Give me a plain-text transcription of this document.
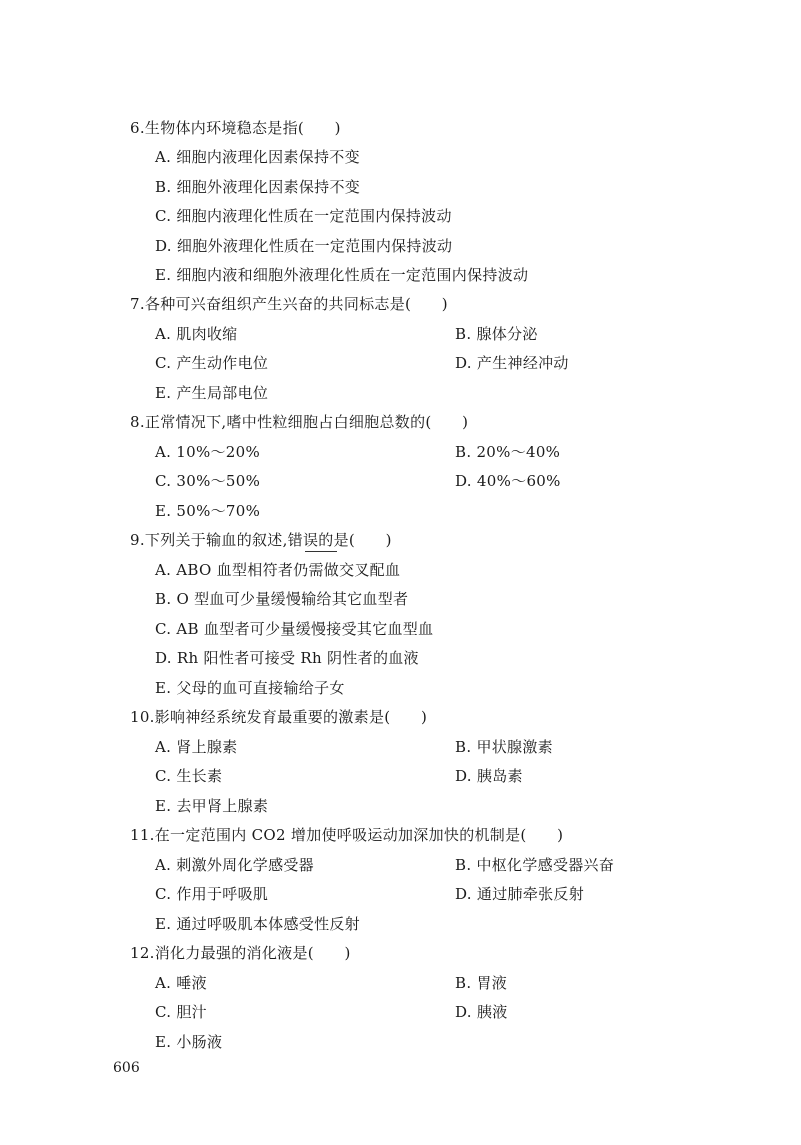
6.生物体内环境稳态是指(　　)
A. 细胞内液理化因素保持不变
B. 细胞外液理化因素保持不变
C. 细胞内液理化性质在一定范围内保持波动
D. 细胞外液理化性质在一定范围内保持波动
E. 细胞内液和细胞外液理化性质在一定范围内保持波动
7.各种可兴奋组织产生兴奋的共同标志是(　　)
A. 肌肉收缩	B. 腺体分泌
C. 产生动作电位	D. 产生神经冲动
E. 产生局部电位
8.正常情况下,嗜中性粒细胞占白细胞总数的(　　)
A. 10%～20%	B. 20%～40%
C. 30%～50%	D. 40%～60%
E. 50%～70%
9.下列关于输血的叙述,错误的是(　　)
A. ABO 血型相符者仍需做交叉配血
B. O 型血可少量缓慢输给其它血型者
C. AB 血型者可少量缓慢接受其它血型血
D. Rh 阳性者可接受 Rh 阴性者的血液
E. 父母的血可直接输给子女
10.影响神经系统发育最重要的激素是(　　)
A. 肾上腺素	B. 甲状腺激素
C. 生长素	D. 胰岛素
E. 去甲肾上腺素
11.在一定范围内 CO2 增加使呼吸运动加深加快的机制是(　　)
A. 刺激外周化学感受器	B. 中枢化学感受器兴奋
C. 作用于呼吸肌	D. 通过肺牵张反射
E. 通过呼吸肌本体感受性反射
12.消化力最强的消化液是(　　)
A. 唾液	B. 胃液
C. 胆汁	D. 胰液
E. 小肠液
606
